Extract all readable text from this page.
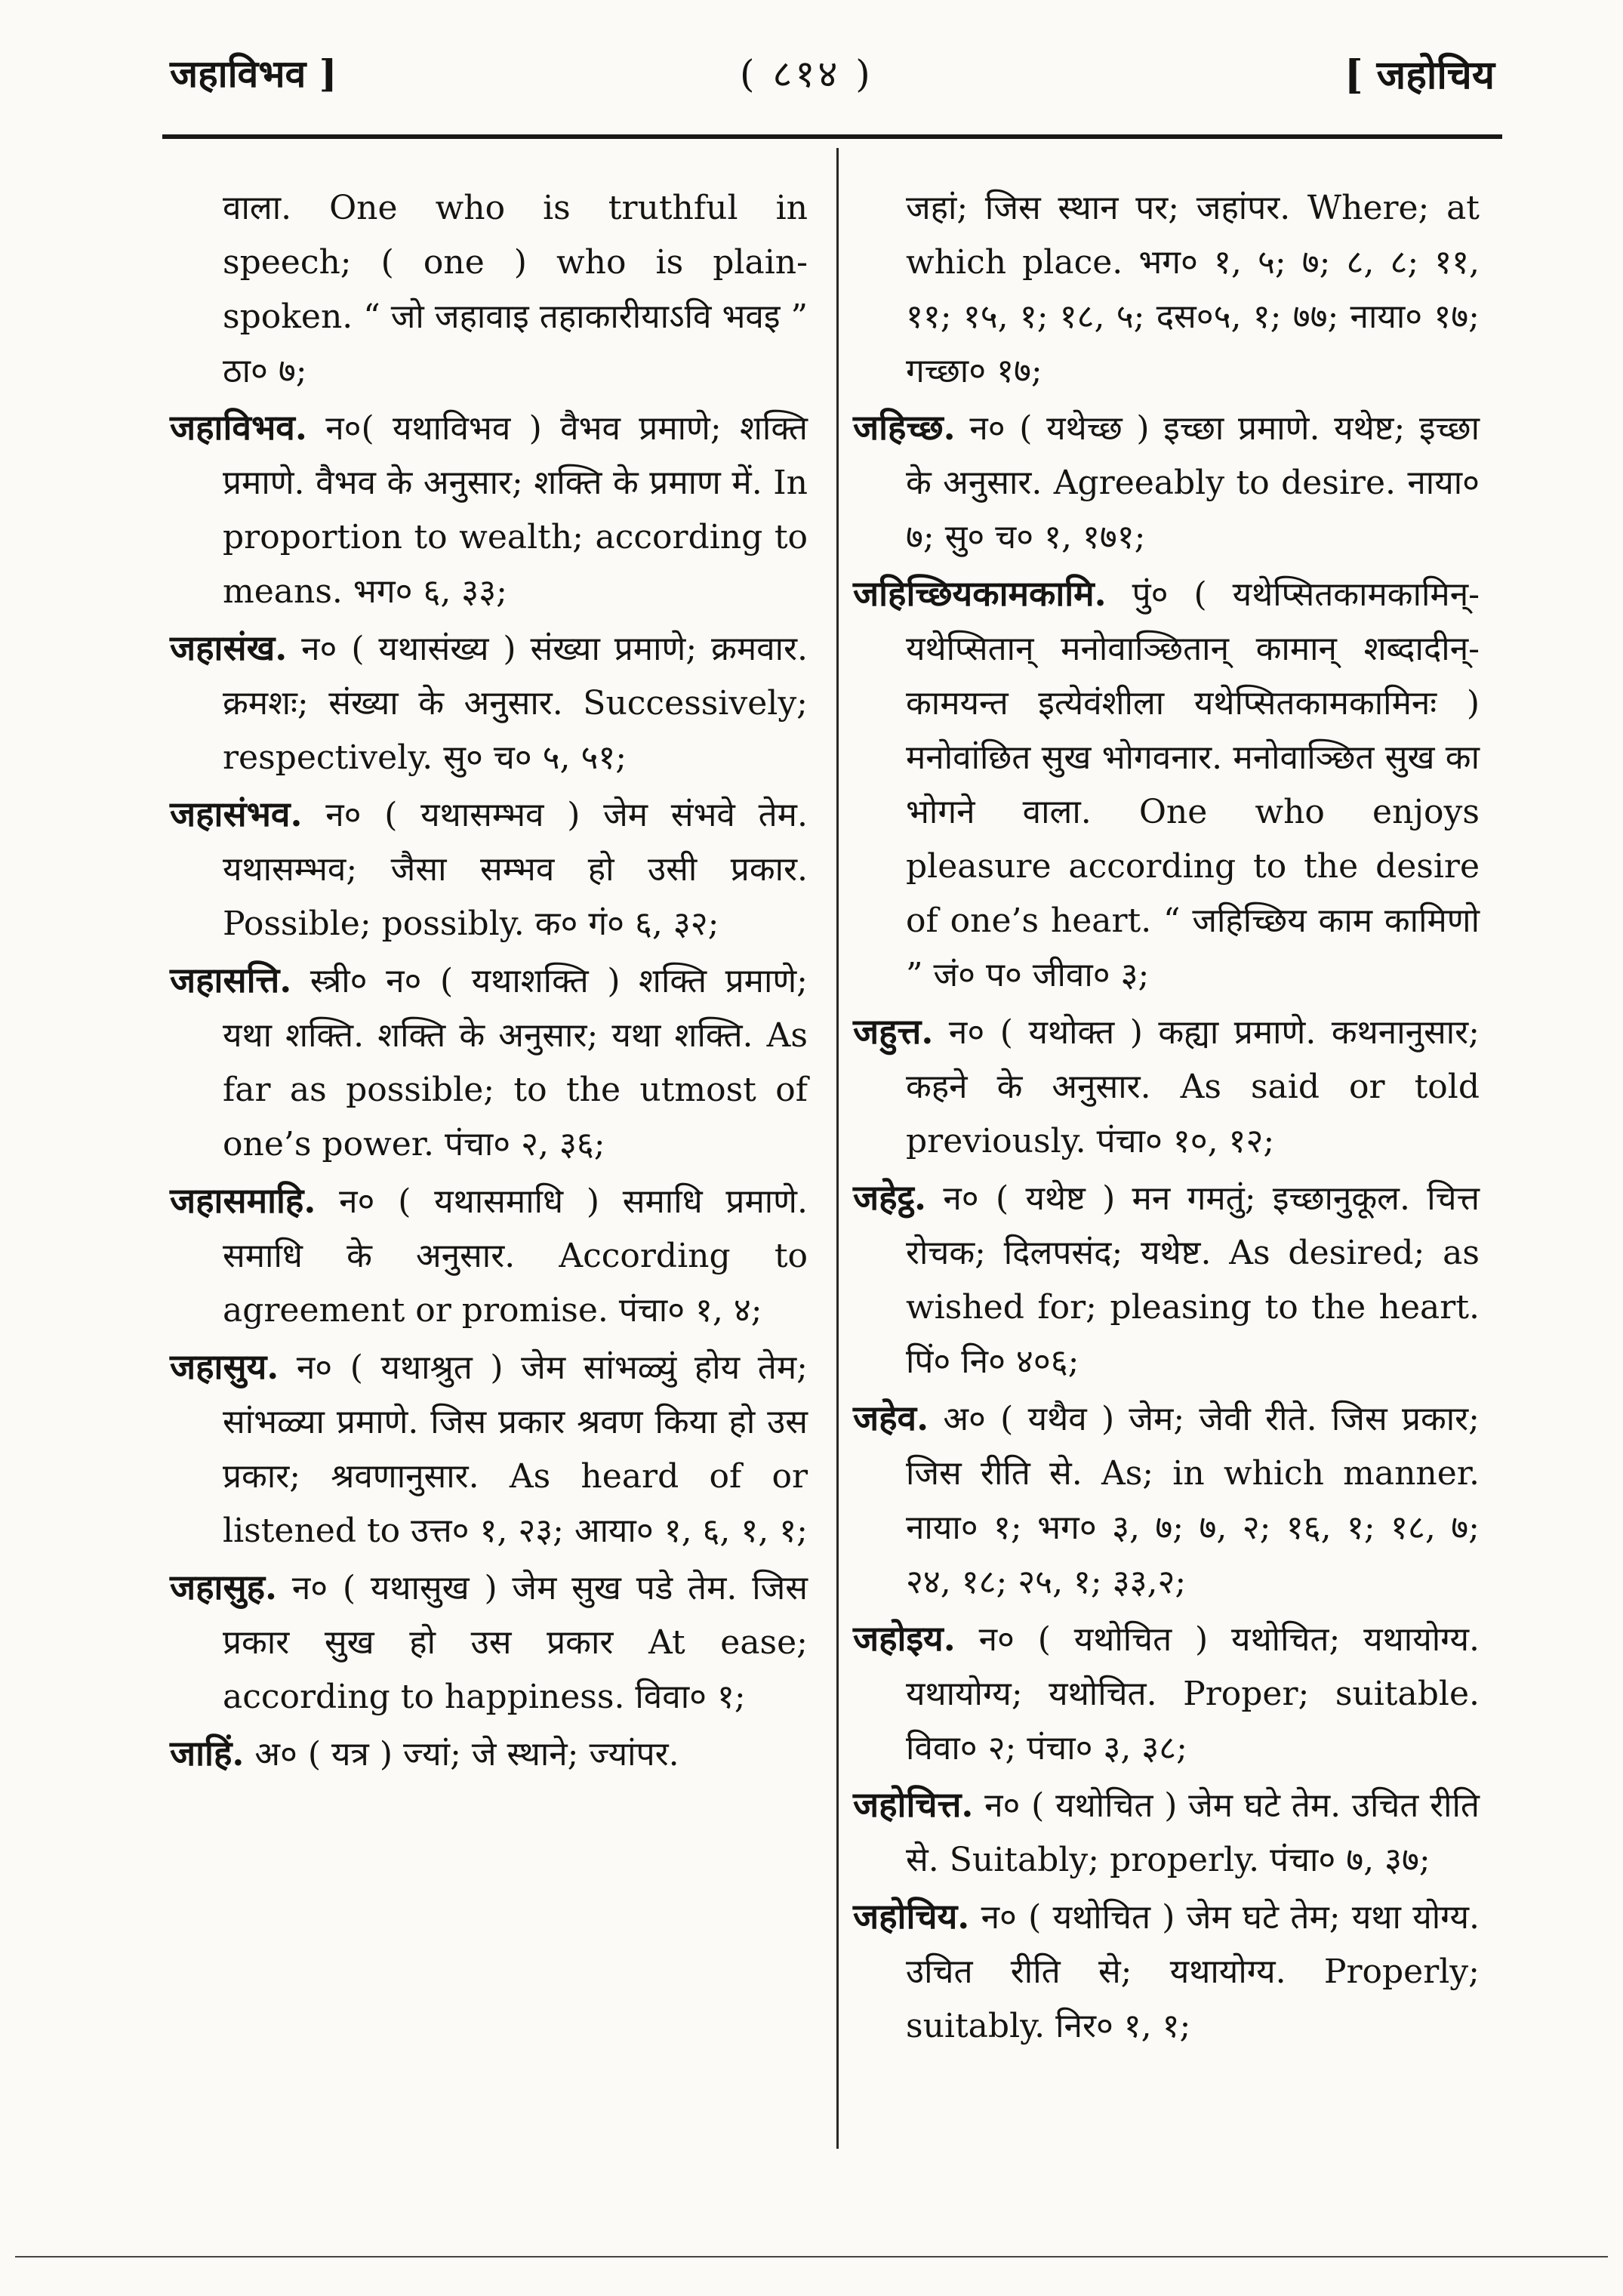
जहाविभव ]	( ८१४ )	[ जहोचिय

वाला. One who is truthful in speech; ( one ) who is plain-spoken. “ जो जहावाइ तहाकारीयाऽवि भवइ ” ठा० ७;

जहाविभव. न०( यथाविभव ) वैभव प्रमाणे; शक्ति प्रमाणे. वैभव के अनुसार; शक्ति के प्रमाण में. In proportion to wealth; according to means. भग० ६, ३३;

जहासंख. न० ( यथासंख्य ) संख्या प्रमाणे; क्रमवार. क्रमशः; संख्या के अनुसार. Successively; respectively. सु० च० ५, ५१;

जहासंभव. न० ( यथासम्भव ) जेम संभवे तेम. यथासम्भव; जैसा सम्भव हो उसी प्रकार. Possible; possibly. क० गं० ६, ३२;

जहासत्ति. स्त्री० न० ( यथाशक्ति ) शक्ति प्रमाणे; यथा शक्ति. शक्ति के अनुसार; यथा शक्ति. As far as possible; to the utmost of one’s power. पंचा० २, ३६;

जहासमाहि. न० ( यथासमाधि ) समाधि प्रमाणे. समाधि के अनुसार. According to agreement or promise. पंचा० १, ४;

जहासुय. न० ( यथाश्रुत ) जेम सांभळ्युं होय तेम; सांभळ्या प्रमाणे. जिस प्रकार श्रवण किया हो उस प्रकार; श्रवणानुसार. As heard of or listened to उत्त० १, २३; आया० १, ६, १, १;

जहासुह. न० ( यथासुख ) जेम सुख पडे तेम. जिस प्रकार सुख हो उस प्रकार At ease; according to happiness. विवा० १;

जाहिं. अ० ( यत्र ) ज्यां; जे स्थाने; ज्यांपर.

जहां; जिस स्थान पर; जहांपर. Where; at which place. भग० १, ५; ७; ८, ८; ११, ११; १५, १; १८, ५; दस०५, १; ७७; नाया० १७; गच्छा० १७;

जहिच्छ. न० ( यथेच्छ ) इच्छा प्रमाणे. यथेष्ट; इच्छा के अनुसार. Agreeably to desire. नाया० ७; सु० च० १, १७१;

जहिच्छियकामकामि. पुं० ( यथेप्सितकामकामिन्-यथेप्सितान् मनोवाञ्छितान् कामान् शब्दादीन्-कामयन्त इत्येवंशीला यथेप्सितकामकामिनः ) मनोवांछित सुख भोगवनार. मनोवाञ्छित सुख का भोगने वाला. One who enjoys pleasure according to the desire of one’s heart. “ जहिच्छिय काम कामिणो ” जं० प० जीवा० ३;

जहुत्त. न० ( यथोक्त ) कह्या प्रमाणे. कथनानुसार; कहने के अनुसार. As said or told previously. पंचा० १०, १२;

जहेट्ठ. न० ( यथेष्ट ) मन गमतुं; इच्छानुकूल. चित्त रोचक; दिलपसंद; यथेष्ट. As desired; as wished for; pleasing to the heart. पिं० नि० ४०६;

जहेव. अ० ( यथैव ) जेम; जेवी रीते. जिस प्रकार; जिस रीति से. As; in which manner. नाया० १; भग० ३, ७; ७, २; १६, १; १८, ७; २४, १८; २५, १; ३३,२;

जहोइय. न० ( यथोचित ) यथोचित; यथायोग्य. यथायोग्य; यथोचित. Proper; suitable. विवा० २; पंचा० ३, ३८;

जहोचित्त. न० ( यथोचित ) जेम घटे तेम. उचित रीति से. Suitably; properly. पंचा० ७, ३७;

जहोचिय. न० ( यथोचित ) जेम घटे तेम; यथा योग्य. उचित रीति से; यथायोग्य. Properly; suitably. निर० १, १;
